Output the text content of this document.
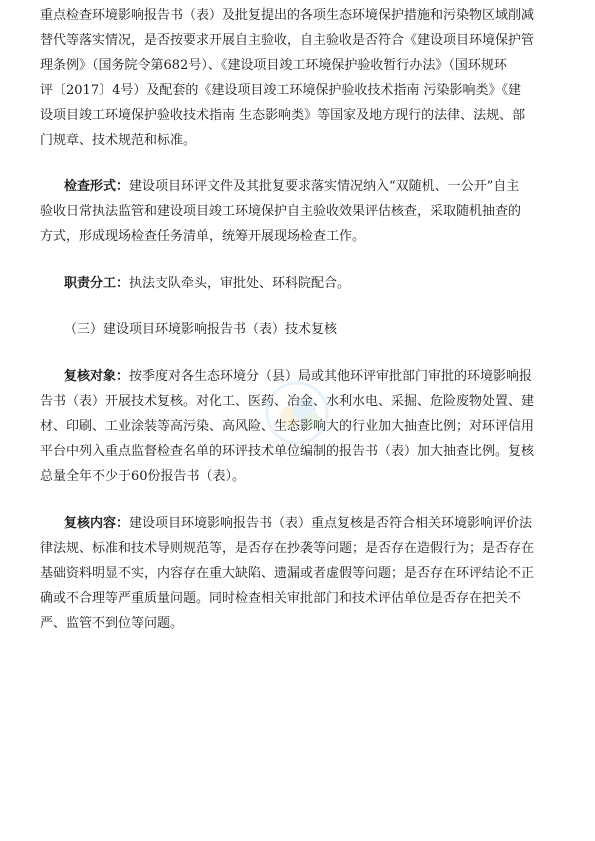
重点检查环境影响报告书（表）及批复提出的各项生态环境保护措施和污染物区域削减
替代等落实情况，是否按要求开展自主验收，自主验收是否符合《建设项目环境保护管
理条例》（国务院令第682号）、《建设项目竣工环境保护验收暂行办法》（国环规环
评〔2017〕4号）及配套的《建设项目竣工环境保护验收技术指南 污染影响类》《建
设项目竣工环境保护验收技术指南 生态影响类》等国家及地方现行的法律、法规、部
门规章、技术规范和标准。
检查形式：建设项目环评文件及其批复要求落实情况纳入“双随机、一公开”自主
验收日常执法监管和建设项目竣工环境保护自主验收效果评估核查，采取随机抽查的
方式，形成现场检查任务清单，统筹开展现场检查工作。
职责分工：执法支队牵头，审批处、环科院配合。
（三）建设项目环境影响报告书（表）技术复核
复核对象：按季度对各生态环境分（县）局或其他环评审批部门审批的环境影响报
告书（表）开展技术复核。对化工、医药、冶金、水利水电、采掘、危险废物处置、建
材、印刷、工业涂装等高污染、高风险、生态影响大的行业加大抽查比例；对环评信用
平台中列入重点监督检查名单的环评技术单位编制的报告书（表）加大抽查比例。复核
总量全年不少于60份报告书（表）。
复核内容：建设项目环境影响报告书（表）重点复核是否符合相关环境影响评价法
律法规、标准和技术导则规范等，是否存在抄袭等问题；是否存在造假行为；是否存在
基础资料明显不实，内容存在重大缺陷、遗漏或者虚假等问题；是否存在环评结论不正
确或不合理等严重质量问题。同时检查相关审批部门和技术评估单位是否存在把关不
严、监管不到位等问题。
